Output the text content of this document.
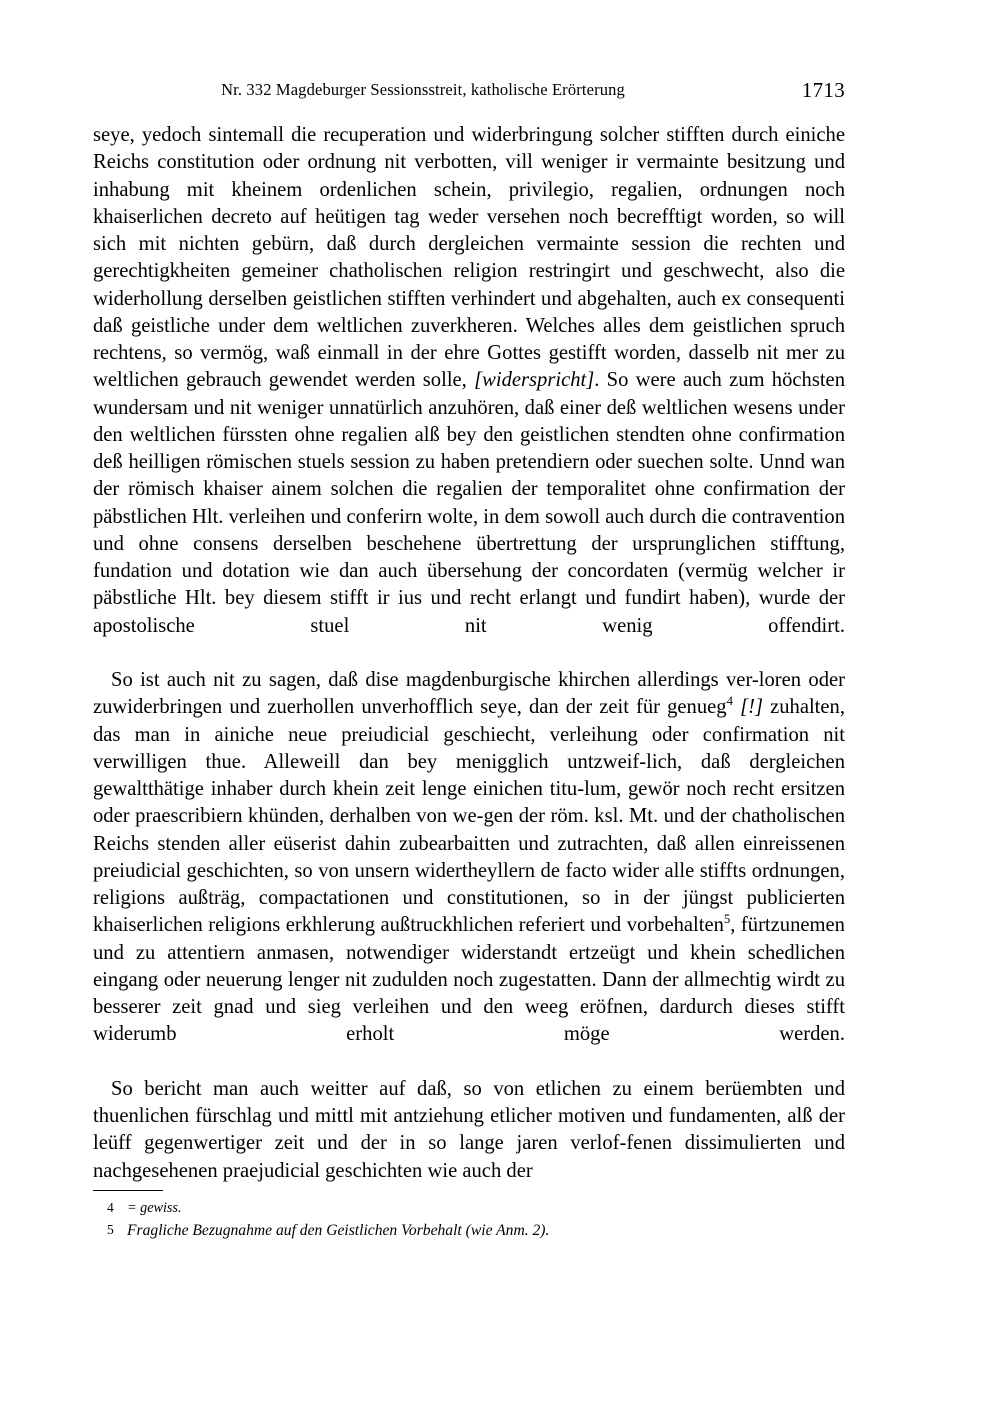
Nr. 332 Magdeburger Sessionsstreit, katholische Erörterung	1713

seye, yedoch sintemall die recuperation und widerbringung solcher stifften durch einiche Reichs constitution oder ordnung nit verbotten, vill weniger ir vermainte besitzung und inhabung mit kheinem ordenlichen schein, privilegio, regalien, ordnungen noch khaiserlichen decreto auf heütigen tag weder versehen noch becrefftigt worden, so will sich mit nichten gebürn, daß durch dergleichen vermainte session die rechten und gerechtigkheiten gemeiner chatholischen religion restringirt und geschwecht, also die widerhollung derselben geistlichen stifften verhindert und abgehalten, auch ex consequenti daß geistliche under dem weltlichen zuverkheren. Welches alles dem geistlichen spruch rechtens, so vermög, waß einmall in der ehre Gottes gestifft worden, dasselb nit mer zu weltlichen gebrauch gewendet werden solle, [widerspricht]. So were auch zum höchsten wundersam und nit weniger unnatürlich anzuhören, daß einer deß weltlichen wesens under den weltlichen fürssten ohne regalien alß bey den geistlichen stendten ohne confirmation deß heilligen römischen stuels session zu haben pretendiern oder suechen solte. Unnd wan der römisch khaiser ainem solchen die regalien der temporalitet ohne confirmation der päbstlichen Hlt. verleihen und conferirn wolte, in dem sowoll auch durch die contravention und ohne consens derselben beschehene übertrettung der ursprunglichen stifftung, fundation und dotation wie dan auch übersehung der concordaten (vermüg welcher ir päbstliche Hlt. bey diesem stifft ir ius und recht erlangt und fundirt haben), wurde der apostolische stuel nit wenig offendirt.

So ist auch nit zu sagen, daß dise magdenburgische khirchen allerdings ver-loren oder zuwiderbringen und zuerhollen unverhofflich seye, dan der zeit für genueg$^4$ [!] zuhalten, das man in ainiche neue preiudicial geschiecht, verleihung oder confirmation nit verwilligen thue. Alleweill dan bey menigglich untzweif-lich, daß dergleichen gewaltthätige inhaber durch khein zeit lenge einichen titu-lum, gewör noch recht ersitzen oder praescribiern khünden, derhalben von we-gen der röm. ksl. Mt. und der chatholischen Reichs stenden aller eüserist dahin zubearbaitten und zutrachten, daß allen einreissenen preiudicial geschichten, so von unsern widertheyllern de facto wider alle stiffts ordnungen, religions außträg, compactationen und constitutionen, so in der jüngst publicierten khaiserlichen religions erkhlerung außtruckhlichen referiert und vorbehalten$^5$, fürtzunemen und zu attentiern anmasen, notwendiger widerstandt ertzeügt und khein schedlichen eingang oder neuerung lenger nit zudulden noch zugestatten. Dann der allmechtig wirdt zu besserer zeit gnad und sieg verleihen und den weeg eröfnen, dardurch dieses stifft widerumb erholt möge werden.

So bericht man auch weitter auf daß, so von etlichen zu einem berüembten und thuenlichen fürschlag und mittl mit antziehung etlicher motiven und fundamenten, alß der leüff gegenwertiger zeit und der in so lange jaren verlof-fenen dissimulierten und nachgesehenen praejudicial geschichten wie auch der

4 = gewiss.
5 Fragliche Bezugnahme auf den Geistlichen Vorbehalt (wie Anm. 2).
